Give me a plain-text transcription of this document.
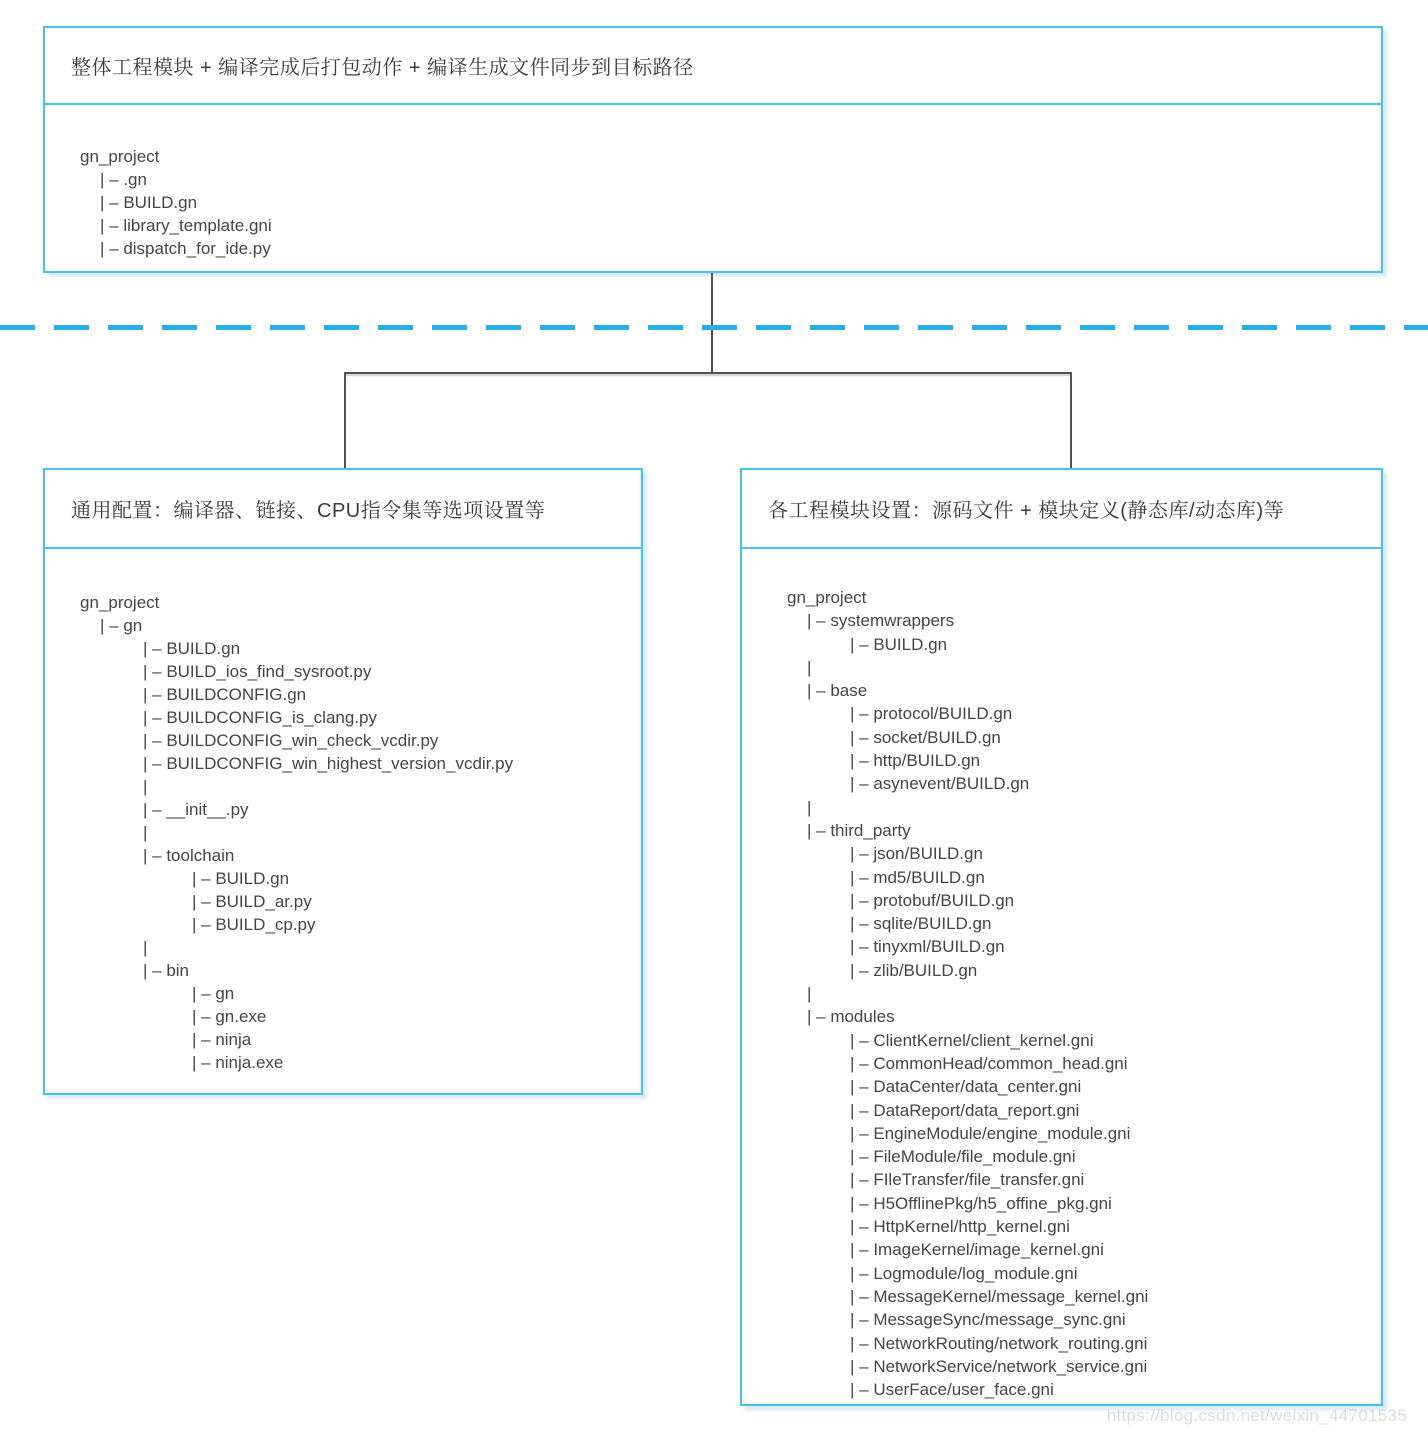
整体工程模块 + 编译完成后打包动作 + 编译生成文件同步到目标路径
gn_project
| – .gn
| – BUILD.gn
| – library_template.gni
| – dispatch_for_ide.py
通用配置：编译器、链接、CPU指令集等选项设置等
gn_project
| – gn
| – BUILD.gn
| – BUILD_ios_find_sysroot.py
| – BUILDCONFIG.gn
| – BUILDCONFIG_is_clang.py
| – BUILDCONFIG_win_check_vcdir.py
| – BUILDCONFIG_win_highest_version_vcdir.py
|
| – __init__.py
|
| – toolchain
| – BUILD.gn
| – BUILD_ar.py
| – BUILD_cp.py
|
| – bin
| – gn
| – gn.exe
| – ninja
| – ninja.exe
各工程模块设置：源码文件 + 模块定义(静态库/动态库)等
gn_project
| – systemwrappers
| – BUILD.gn
|
| – base
| – protocol/BUILD.gn
| – socket/BUILD.gn
| – http/BUILD.gn
| – asynevent/BUILD.gn
|
| – third_party
| – json/BUILD.gn
| – md5/BUILD.gn
| – protobuf/BUILD.gn
| – sqlite/BUILD.gn
| – tinyxml/BUILD.gn
| – zlib/BUILD.gn
|
| – modules
| – ClientKernel/client_kernel.gni
| – CommonHead/common_head.gni
| – DataCenter/data_center.gni
| – DataReport/data_report.gni
| – EngineModule/engine_module.gni
| – FileModule/file_module.gni
| – FIleTransfer/file_transfer.gni
| – H5OfflinePkg/h5_offine_pkg.gni
| – HttpKernel/http_kernel.gni
| – ImageKernel/image_kernel.gni
| – Logmodule/log_module.gni
| – MessageKernel/message_kernel.gni
| – MessageSync/message_sync.gni
| – NetworkRouting/network_routing.gni
| – NetworkService/network_service.gni
| – UserFace/user_face.gni
https://blog.csdn.net/weixin_44701535
